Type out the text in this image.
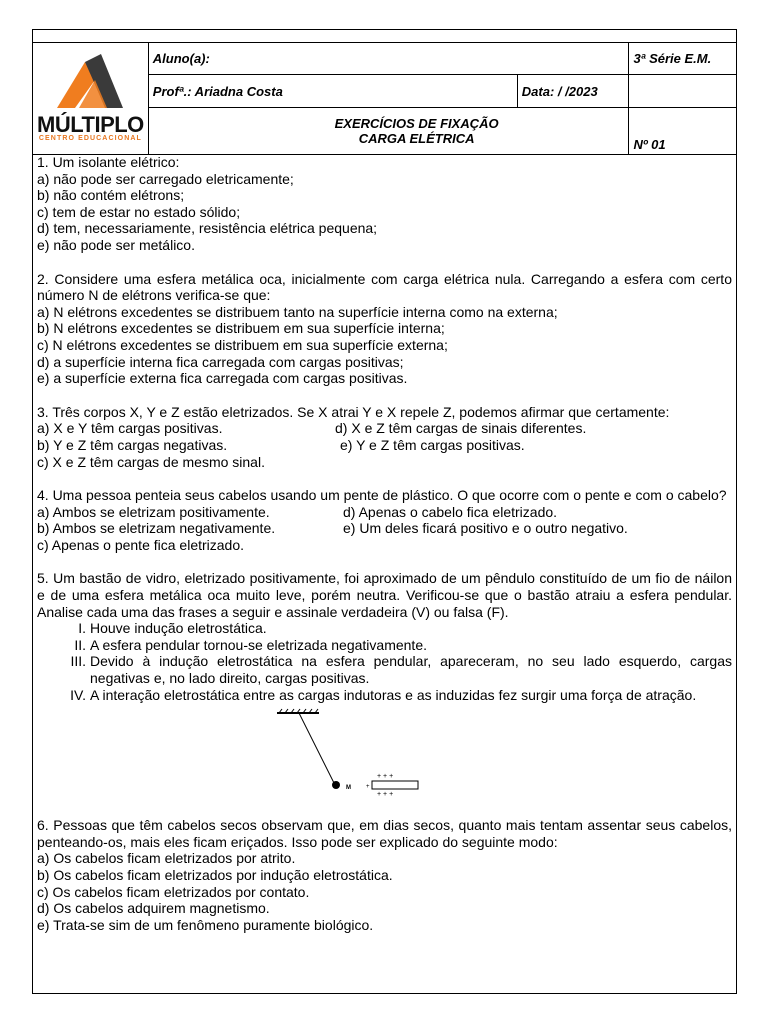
MÚLTIPLO
CENTRO EDUCACIONAL	Aluno(a):		3ª Série E.M.
	Profª.: Ariadna Costa	Data: / /2023	

	EXERCÍCIOS DE FIXAÇÃO
CARGA ELÉTRICA		Nº 01

1. Um isolante elétrico:

a) não pode ser carregado eletricamente;

b) não contém elétrons;

c) tem de estar no estado sólido;

d) tem, necessariamente, resistência elétrica pequena;

e) não pode ser metálico.

2. Considere uma esfera metálica oca, inicialmente com carga elétrica nula. Carregando a esfera com certo número N de elétrons verifica-se que:

a) N elétrons excedentes se distribuem tanto na superfície interna como na externa;

b) N elétrons excedentes se distribuem em sua superfície interna;

c) N elétrons excedentes se distribuem em sua superfície externa;

d) a superfície interna fica carregada com cargas positivas;

e) a superfície externa fica carregada com cargas positivas.

3. Três corpos X, Y e Z estão eletrizados. Se X atrai Y e X repele Z, podemos afirmar que certamente:

a) X e Y têm cargas positivas.	d) X e Z têm cargas de sinais diferentes.
b) Y e Z têm cargas negativas.	e) Y e Z têm cargas positivas.

c) X e Z têm cargas de mesmo sinal.

4. Uma pessoa penteia seus cabelos usando um pente de plástico. O que ocorre com o pente e com o cabelo?

a) Ambos se eletrizam positivamente.	d) Apenas o cabelo fica eletrizado.
b) Ambos se eletrizam negativamente.	e) Um deles ficará positivo e o outro negativo.

c) Apenas o pente fica eletrizado.

5. Um bastão de vidro, eletrizado positivamente, foi aproximado de um pêndulo constituído de um fio de náilon e de uma esfera metálica oca muito leve, porém neutra. Verificou-se que o bastão atraiu a esfera pendular. Analise cada uma das frases a seguir e assinale verdadeira (V) ou falsa (F).

I. Houve indução eletrostática.
II. A esfera pendular tornou-se eletrizada negativamente.
III. Devido à indução eletrostática na esfera pendular, apareceram, no seu lado esquerdo, cargas negativas e, no lado direito, cargas positivas.
IV. A interação eletrostática entre as cargas indutoras e as induzidas fez surgir uma força de atração.
M	+
+ + +
+ + +

6. Pessoas que têm cabelos secos observam que, em dias secos, quanto mais tentam assentar seus cabelos, penteando-os, mais eles ficam eriçados. Isso pode ser explicado do seguinte modo:

a) Os cabelos ficam eletrizados por atrito.

b) Os cabelos ficam eletrizados por indução eletrostática.

c) Os cabelos ficam eletrizados por contato.

d) Os cabelos adquirem magnetismo.

e) Trata-se sim de um fenômeno puramente biológico.
